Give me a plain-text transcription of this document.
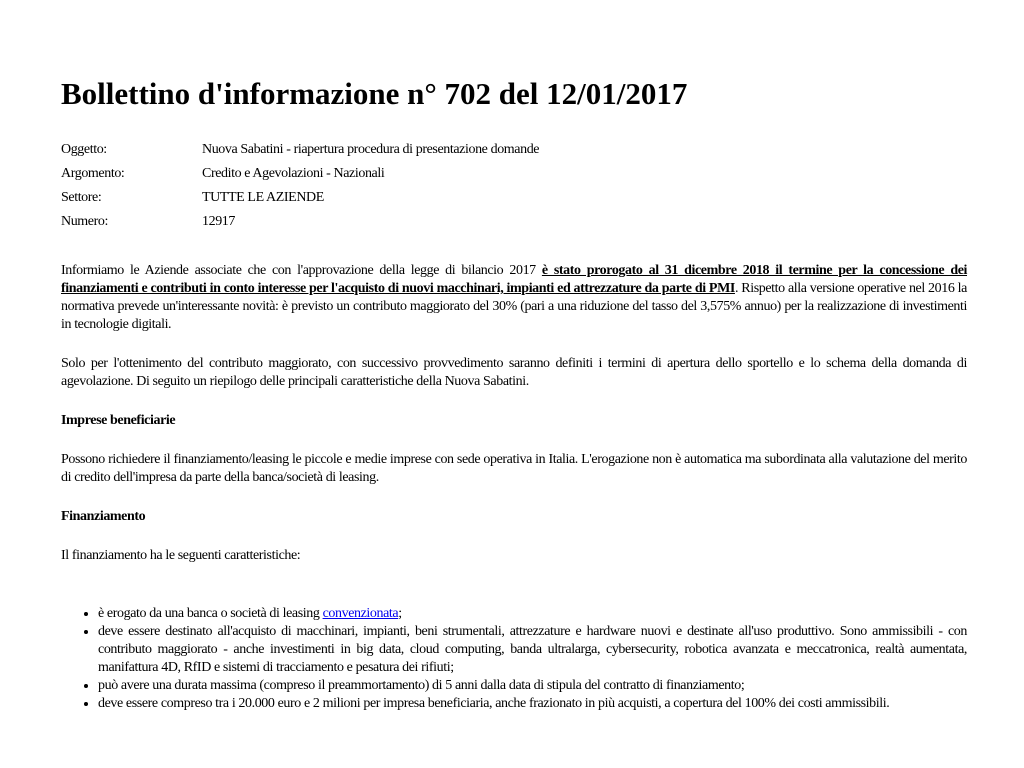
Bollettino d'informazione n° 702 del 12/01/2017
Oggetto:	Nuova Sabatini - riapertura procedura di presentazione domande
Argomento:	Credito e Agevolazioni - Nazionali
Settore:	TUTTE LE AZIENDE
Numero:	12917

Informiamo le Aziende associate che con l'approvazione della legge di bilancio 2017 è stato prorogato al 31 dicembre 2018 il termine per la concessione dei finanziamenti e contributi in conto interesse per l'acquisto di nuovi macchinari, impianti ed attrezzature da parte di PMI. Rispetto alla versione operative nel 2016 la normativa prevede un'interessante novità: è previsto un contributo maggiorato del 30% (pari a una riduzione del tasso del 3,575% annuo) per la realizzazione di investimenti in tecnologie digitali.

Solo per l'ottenimento del contributo maggiorato, con successivo provvedimento saranno definiti i termini di apertura dello sportello e lo schema della domanda di agevolazione. Di seguito un riepilogo delle principali caratteristiche della Nuova Sabatini.

Imprese beneficiarie

Possono richiedere il finanziamento/leasing le piccole e medie imprese con sede operativa in Italia. L'erogazione non è automatica ma subordinata alla valutazione del merito di credito dell'impresa da parte della banca/società di leasing.

Finanziamento

Il finanziamento ha le seguenti caratteristiche:

• è erogato da una banca o società di leasing convenzionata;
• deve essere destinato all'acquisto di macchinari, impianti, beni strumentali, attrezzature e hardware nuovi e destinate all'uso produttivo. Sono ammissibili - con contributo maggiorato - anche investimenti in big data, cloud computing, banda ultralarga, cybersecurity, robotica avanzata e meccatronica, realtà aumentata, manifattura 4D, RfID e sistemi di tracciamento e pesatura dei rifiuti;
• può avere una durata massima (compreso il preammortamento) di 5 anni dalla data di stipula del contratto di finanziamento;
• deve essere compreso tra i 20.000 euro e 2 milioni per impresa beneficiaria, anche frazionato in più acquisti, a copertura del 100% dei costi ammissibili.
